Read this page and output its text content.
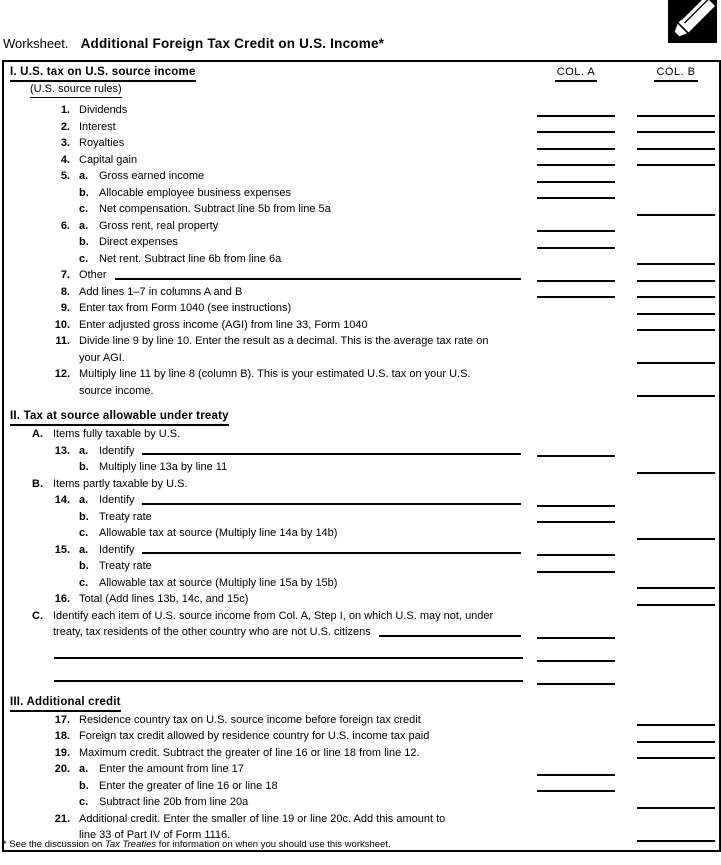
Worksheet. Additional Foreign Tax Credit on U.S. Income*
COL. A	COL. B
I. U.S. tax on U.S. source income
(U.S. source rules)
1. Dividends
2. Interest
3. Royalties
4. Capital gain
5. a. Gross earned income
b. Allocable employee business expenses
c. Net compensation. Subtract line 5b from line 5a
6. a. Gross rent, real property
b. Direct expenses
c. Net rent. Subtract line 6b from line 6a
7. Other
8. Add lines 1–7 in columns A and B
9. Enter tax from Form 1040 (see instructions)
10. Enter adjusted gross income (AGI) from line 33, Form 1040
11. Divide line 9 by line 10. Enter the result as a decimal. This is the average tax rate on
your AGI.
12. Multiply line 11 by line 8 (column B). This is your estimated U.S. tax on your U.S.
source income.
II. Tax at source allowable under treaty
A. Items fully taxable by U.S.
13. a. Identify
b. Multiply line 13a by line 11
B. Items partly taxable by U.S.
14. a. Identify
b. Treaty rate
c. Allowable tax at source (Multiply line 14a by 14b)
15. a. Identify
b. Treaty rate
c. Allowable tax at source (Multiply line 15a by 15b)
16. Total (Add lines 13b, 14c, and 15c)
C. Identify each item of U.S. source income from Col. A, Step I, on which U.S. may not, under
treaty, tax residents of the other country who are not U.S. citizens
III. Additional credit
17. Residence country tax on U.S. source income before foreign tax credit
18. Foreign tax credit allowed by residence country for U.S. income tax paid
19. Maximum credit. Subtract the greater of line 16 or line 18 from line 12.
20. a. Enter the amount from line 17
b. Enter the greater of line 16 or line 18
c. Subtract line 20b from line 20a
21. Additional credit. Enter the smaller of line 19 or line 20c. Add this amount to
line 33 of Part IV of Form 1116.
* See the discussion on Tax Treaties for information on when you should use this worksheet.
